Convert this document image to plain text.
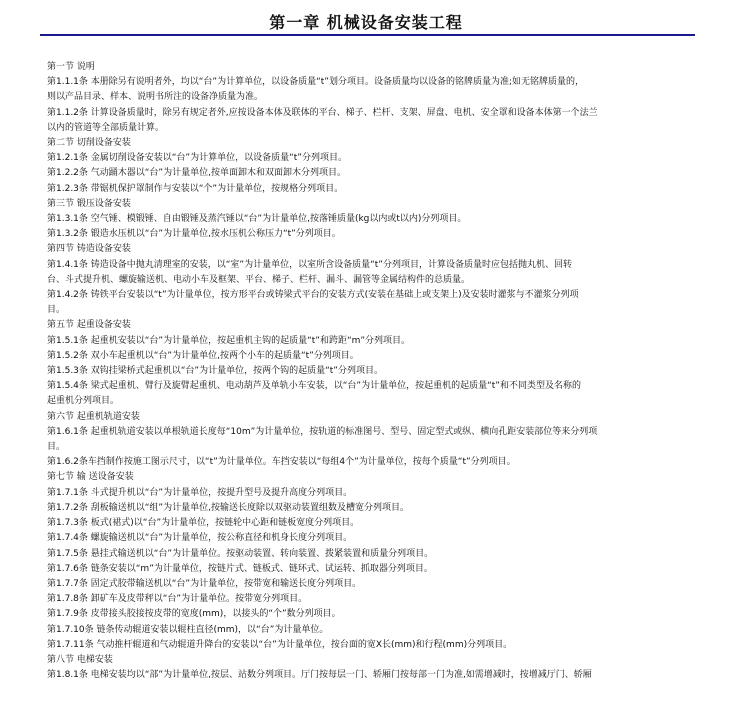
第一章 机械设备安装工程
第一节 说明
第1.1.1条 本册除另有说明者外，均以“台”为计算单位，以设备质量“t”划分项目。设备质量均以设备的铭牌质量为准;如无铭牌质量的，
则以产品目录、样本、说明书所注的设备净质量为准。
第1.1.2条 计算设备质量时，除另有规定者外,应按设备本体及联体的平台、梯子、栏杆、支架、屏盘、电机、安全罩和设备本体第一个法兰
以内的管道等全部质量计算。
第二节 切削设备安装
第1.2.1条 金属切削设备安装以“台”为计算单位，以设备质量“t”分列项目。
第1.2.2条 气动踊木器以“台”为计量单位,按单面卸木和双面卸木分列项目。
第1.2.3条 带锯机保护罩制作与安装以“个”为计量单位，按规格分列项目。
第三节 锻压设备安装
第1.3.1条 空气锤、模锻锤、自由锻锤及蒸汽锤以“台”为计量单位,按落锤质量(kg以内或t以内)分列项目。
第1.3.2条 锻造水压机以“台”为计量单位,按水压机公称压力“t”分列项目。
第四节 铸造设备安装
第1.4.1条 铸造设备中抛丸清理室的安装，以“室”为计量单位，以室所含设备质量“t”分列项目，计算设备质量时应包括抛丸机、回转
台、斗式提升机、螺旋输送机、电动小车及框架、平台、梯子、栏杆、漏斗、漏管等金属结构件的总质量。
第1.4.2条 铸铁平台安装以“t”为计量单位，按方形平台或铸梁式平台的安装方式(安装在基础上或支架上)及安装时灌浆与不灌浆分列项
目。
第五节 起重设备安装
第1.5.1条 起重机安装以“台”为计量单位，按起重机主钩的起质量“t”和跨距“m”分列项目。
第1.5.2条 双小车起重机以“台”为计量单位,按两个小车的起质量“t”分列项目。
第1.5.3条 双钩挂梁桥式起重机以“台”为计量单位，按两个钩的起质量“t”分列项目。
第1.5.4条 梁式起重机、臂行及旋臂起重机、电动葫芦及单轨小车安装，以“台”为计量单位，按起重机的起质量“t”和不同类型及名称的
起重机分列项目。
第六节 起重机轨道安装
第1.6.1条 起重机轨道安装以单根轨道长度每“10m”为计量单位，按轨道的标准图号、型号、固定型式或纵、横向孔距安装部位等来分列项
目。
第1.6.2条车挡制作按施工图示尺寸，以“t”为计量单位。车挡安装以“每组4个”为计量单位，按每个质量“t”分列项目。
第七节 输 送设备安装
第1.7.1条 斗式提升机以“台”为计量单位，按提升型号及提升高度分列项目。
第1.7.2条 刮板输送机以“组”为计量单位,按输送长度除以双驱动装置组数及槽宽分列项目。
第1.7.3条 板式(裙式)以“台”为计量单位，按链轮中心距和链板宽度分列项目。
第1.7.4条 螺旋输送机以“台”为计量单位，按公称直径和机身长度分列项目。
第1.7.5条 悬挂式输送机以“台”为计量单位。按驱动装置、转向装置、拨紧装置和质量分列项目。
第1.7.6条 链条安装以“m”为计量单位，按链片式、链板式、链环式、试运转、抓取器分列项目。
第1.7.7条 固定式胶带输送机以“台”为计量单位，按带宽和输送长度分列项目。
第1.7.8条 卸矿车及皮带秤以“台”为计量单位。按带宽分列项目。
第1.7.9条 皮带接头胶接按皮带的宽度(mm)，以接头的“个”数分列项目。
第1.7.10条 链条传动辊道安装以辊柱直径(mm)，以“台”为计量单位。
第1.7.11条 气动推杆辊道和气动辊道升降台的安装以“台”为计量单位，按台面的宽X长(mm)和行程(mm)分列项目。
第八节 电梯安装
第1.8.1条 电梯安装均以“部”为计量单位,按层、站数分列项目。厅门按每层一门、轿厢门按每部一门为准,如需增减时，按增减厅门、轿厢
